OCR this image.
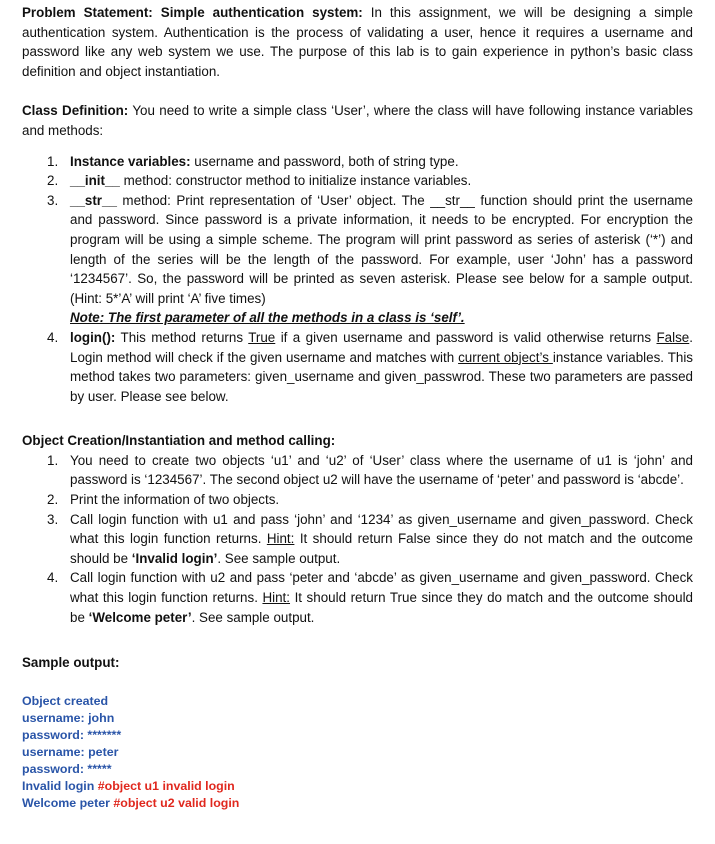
Problem Statement: Simple authentication system: In this assignment, we will be designing a simple authentication system. Authentication is the process of validating a user, hence it requires a username and password like any web system we use. The purpose of this lab is to gain experience in python’s basic class definition and object instantiation.

Class Definition: You need to write a simple class ‘User’, where the class will have following instance variables and methods:

1. Instance variables: username and password, both of string type.
2. __init__ method: constructor method to initialize instance variables.
3. __str__ method: Print representation of ‘User’ object. The __str__ function should print the username and password. Since password is a private information, it needs to be encrypted. For encryption the program will be using a simple scheme. The program will print password as series of asterisk (‘*’) and length of the series will be the length of the password. For example, user ‘John’ has a password ‘1234567’. So, the password will be printed as seven asterisk. Please see below for a sample output. (Hint: 5*’A’ will print ‘A’ five times)
Note: The first parameter of all the methods in a class is ‘self’.
4. login(): This method returns True if a given username and password is valid otherwise returns False. Login method will check if the given username and matches with current object’s instance variables. This method takes two parameters: given_username and given_passwrod. These two parameters are passed by user. Please see below.

Object Creation/Instantiation and method calling:

1. You need to create two objects ‘u1’ and ‘u2’ of ‘User’ class where the username of u1 is ‘john’ and password is ‘1234567’. The second object u2 will have the username of ‘peter’ and password is ‘abcde’.
2. Print the information of two objects.
3. Call login function with u1 and pass ‘john’ and ‘1234’ as given_username and given_password. Check what this login function returns. Hint: It should return False since they do not match and the outcome should be ‘Invalid login’. See sample output.
4. Call login function with u2 and pass ‘peter and ‘abcde’ as given_username and given_password. Check what this login function returns. Hint: It should return True since they do match and the outcome should be ‘Welcome peter’. See sample output.

Sample output:

Object created
username: john
password: *******
username: peter
password: *****
Invalid login #object u1 invalid login
Welcome peter #object u2 valid login
